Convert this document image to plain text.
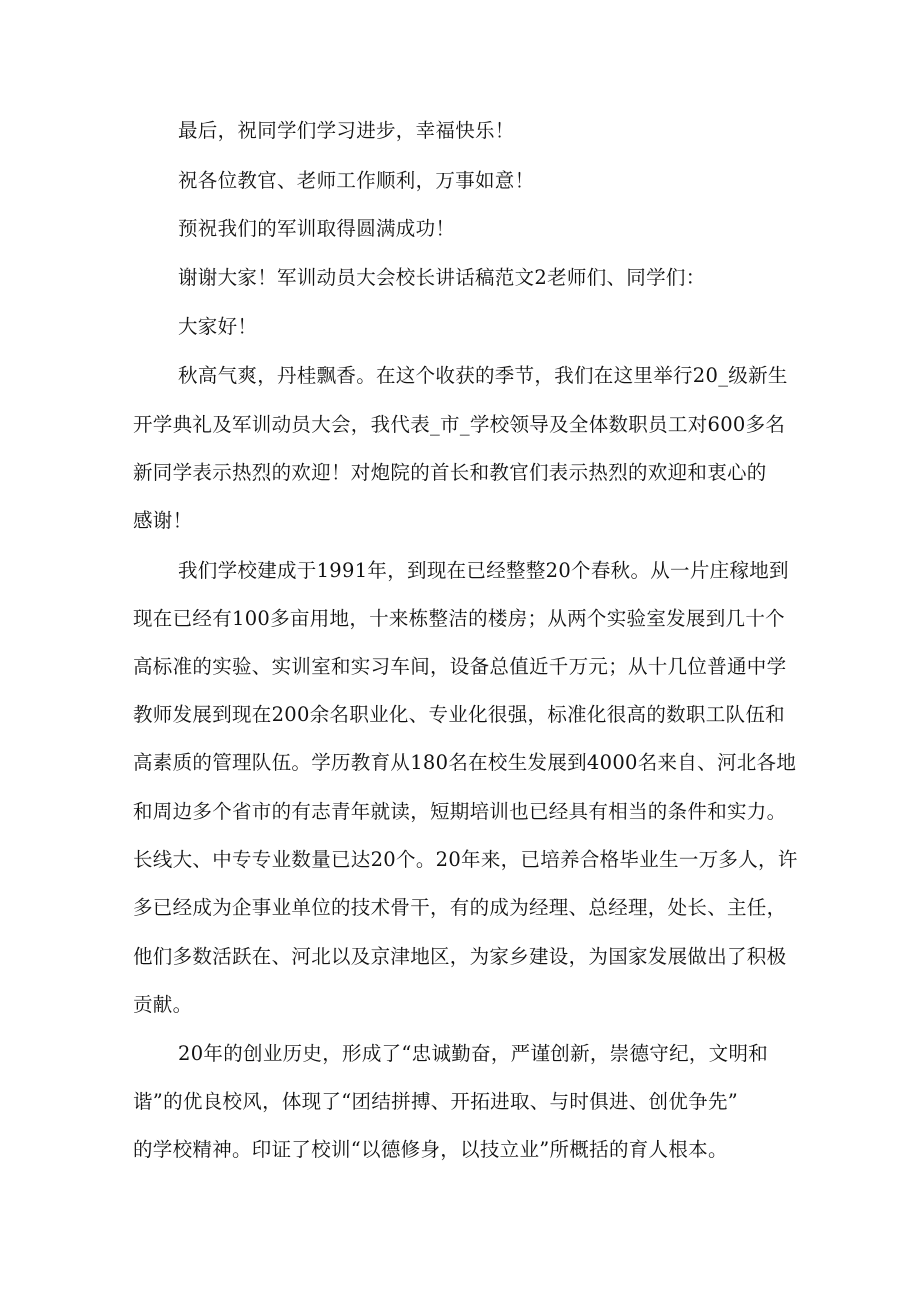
最后，祝同学们学习进步，幸福快乐！
祝各位教官、老师工作顺利，万事如意！
预祝我们的军训取得圆满成功！
谢谢大家！军训动员大会校长讲话稿范文2老师们、同学们：
大家好！
秋高气爽，丹桂飘香。在这个收获的季节，我们在这里举行20_级新生
开学典礼及军训动员大会，我代表_市_学校领导及全体数职员工对600多名
新同学表示热烈的欢迎！对炮院的首长和教官们表示热烈的欢迎和衷心的
感谢！
我们学校建成于1991年，到现在已经整整20个春秋。从一片庄稼地到
现在已经有100多亩用地，十来栋整洁的楼房；从两个实验室发展到几十个
高标准的实验、实训室和实习车间，设备总值近千万元；从十几位普通中学
教师发展到现在200余名职业化、专业化很强，标准化很高的数职工队伍和
高素质的管理队伍。学历教育从180名在校生发展到4000名来自、河北各地
和周边多个省市的有志青年就读，短期培训也已经具有相当的条件和实力。
长线大、中专专业数量已达20个。20年来，已培养合格毕业生一万多人，许
多已经成为企事业单位的技术骨干，有的成为经理、总经理，处长、主任，
他们多数活跃在、河北以及京津地区，为家乡建设，为国家发展做出了积极
贡献。
20年的创业历史，形成了“忠诚勤奋，严谨创新，崇德守纪，文明和
谐”的优良校风，体现了“团结拼搏、开拓进取、与时俱进、创优争先”
的学校精神。印证了校训“以德修身，以技立业”所概括的育人根本。
